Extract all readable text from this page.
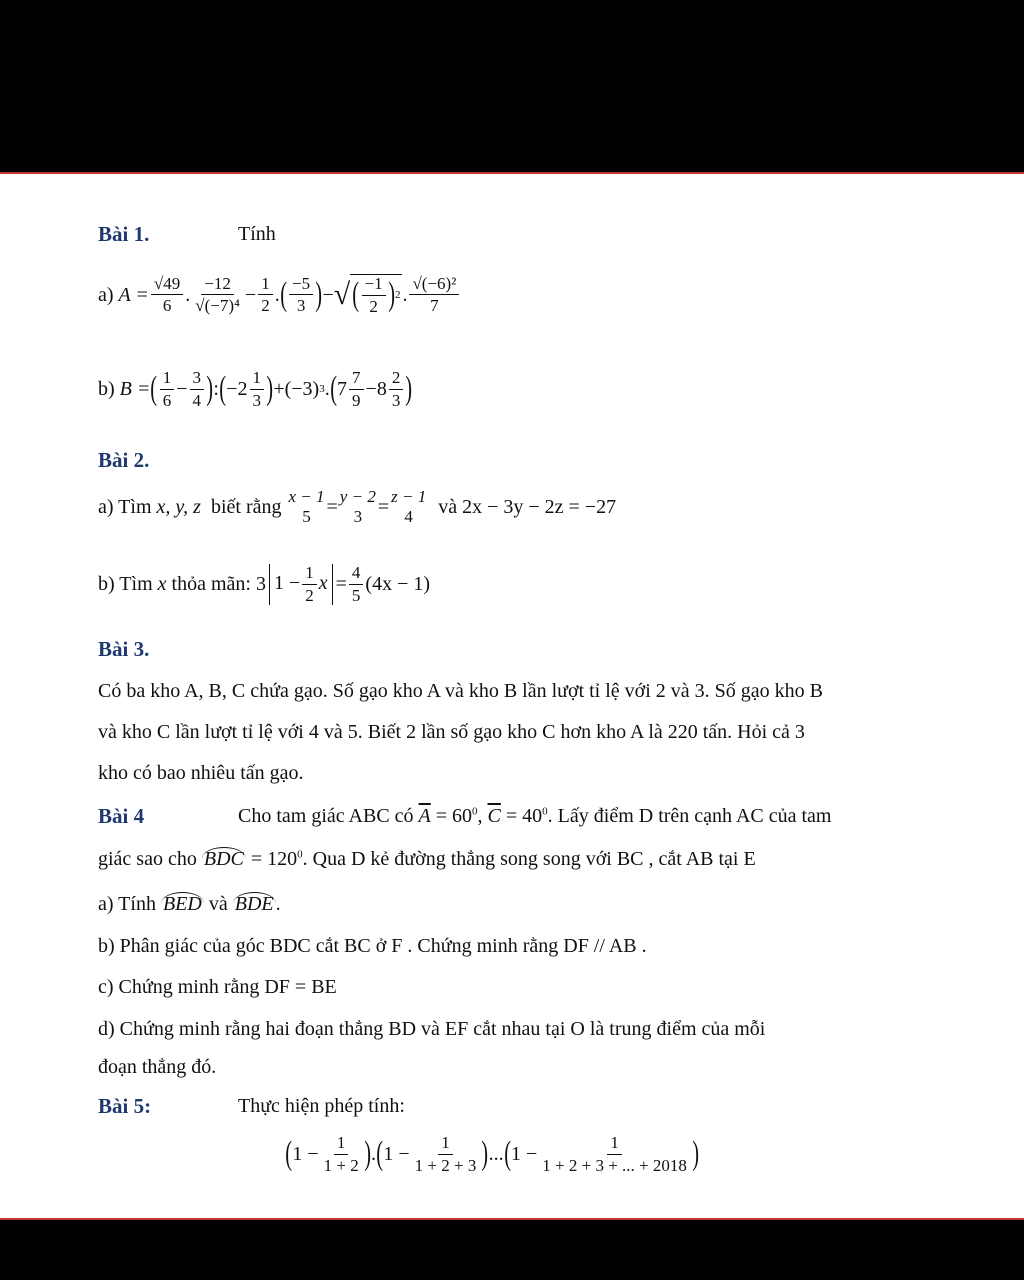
Bài 1.	Tính
a)
$A = \frac{√49}{6}$ . $\frac{-12}{\text{√(−7)⁴}} - \frac{1}{2}$ . ( $\frac{-5}{3}$ ) − √ ( $\frac{-1}{2}$ ) 2 . $\frac{\text{√(−6)²}}{7}$
b)
B = ( $\frac{1}{6} - \frac{3}{4}$ ) : ( $-2 \frac{1}{3}$ ) +(−3) 3 . ( $7 \frac{7}{9} -8 \frac{2}{3}$ )
Bài 2.
a) Tìm
x, y, z
biết rằng
x − 1
5 = y − 2
3 = z − 1
4
và
2x − 3y − 2z = −27
b) Tìm
x
thỏa mãn:
3 $1 - \frac{1}{2}$ $x = \frac{4}{5} (4x - 1)$
Bài 3.
Có ba kho A, B, C chứa gạo. Số gạo kho A và kho B lần lượt tỉ lệ với 2 và 3. Số gạo kho B
và kho C lần lượt tỉ lệ với 4 và 5. Biết 2 lần số gạo kho C hơn kho A là 220 tấn. Hỏi cả 3
kho có bao nhiêu tấn gạo.
Bài 4	Cho tam giác ABC có $\overline{A} = 60^0$, $\overline{C} = 40^0$. Lấy điểm D trên cạnh AC của tam
giác sao cho BDC = $120^0$. Qua D kẻ đường thẳng song song với BC , cắt AB tại E
a) Tính BED và BDE .
b) Phân giác của góc BDC cắt BC ở F . Chứng minh rằng DF // AB .
c) Chứng minh rằng DF = BE
d) Chứng minh rằng hai đoạn thẳng BD và EF cắt nhau tại O là trung điểm của mỗi
đoạn thẳng đó.
Bài 5:	Thực hiện phép tính:
( $1 - \frac{1}{1 + 2}$ ) . ( $1 - \frac{1}{1 + 2 + 3}$ ) ... ( $1 - \frac{1}{1 + 2 + 3 + ... + 2018}$ )
